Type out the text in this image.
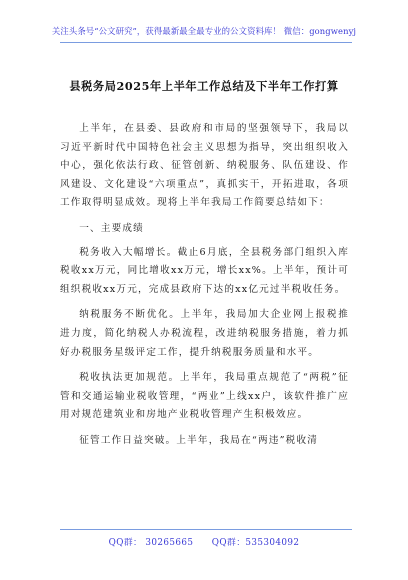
关注头条号“公文研究”，获得最新最全最专业的公文资料库！ 微信：gongwenyj
县税务局2025年上半年工作总结及下半年工作打算

上半年，在县委、县政府和市局的坚强领导下，我局以习近平新时代中国特色社会主义思想为指导，突出组织收入中心，强化依法行政、征管创新、纳税服务、队伍建设、作风建设、文化建设“六项重点”，真抓实干，开拓进取，各项工作取得明显成效。现将上半年我局工作简要总结如下：

一、主要成绩

税务收入大幅增长。截止6月底，全县税务部门组织入库税收xx万元，同比增收xx万元，增长xx%。上半年，预计可组织税收xx万元，完成县政府下达的xx亿元过半税收任务。

纳税服务不断优化。上半年，我局加大企业网上报税推进力度，简化纳税人办税流程，改进纳税服务措施，着力抓好办税服务星级评定工作，提升纳税服务质量和水平。

税收执法更加规范。上半年，我局重点规范了“两税”征管和交通运输业税收管理，“两业”上线xx户，该软件推广应用对规范建筑业和房地产业税收管理产生积极效应。

征管工作日益突破。上半年，我局在“两违”税收清

QQ群： 30265665　　QQ群：535304092
